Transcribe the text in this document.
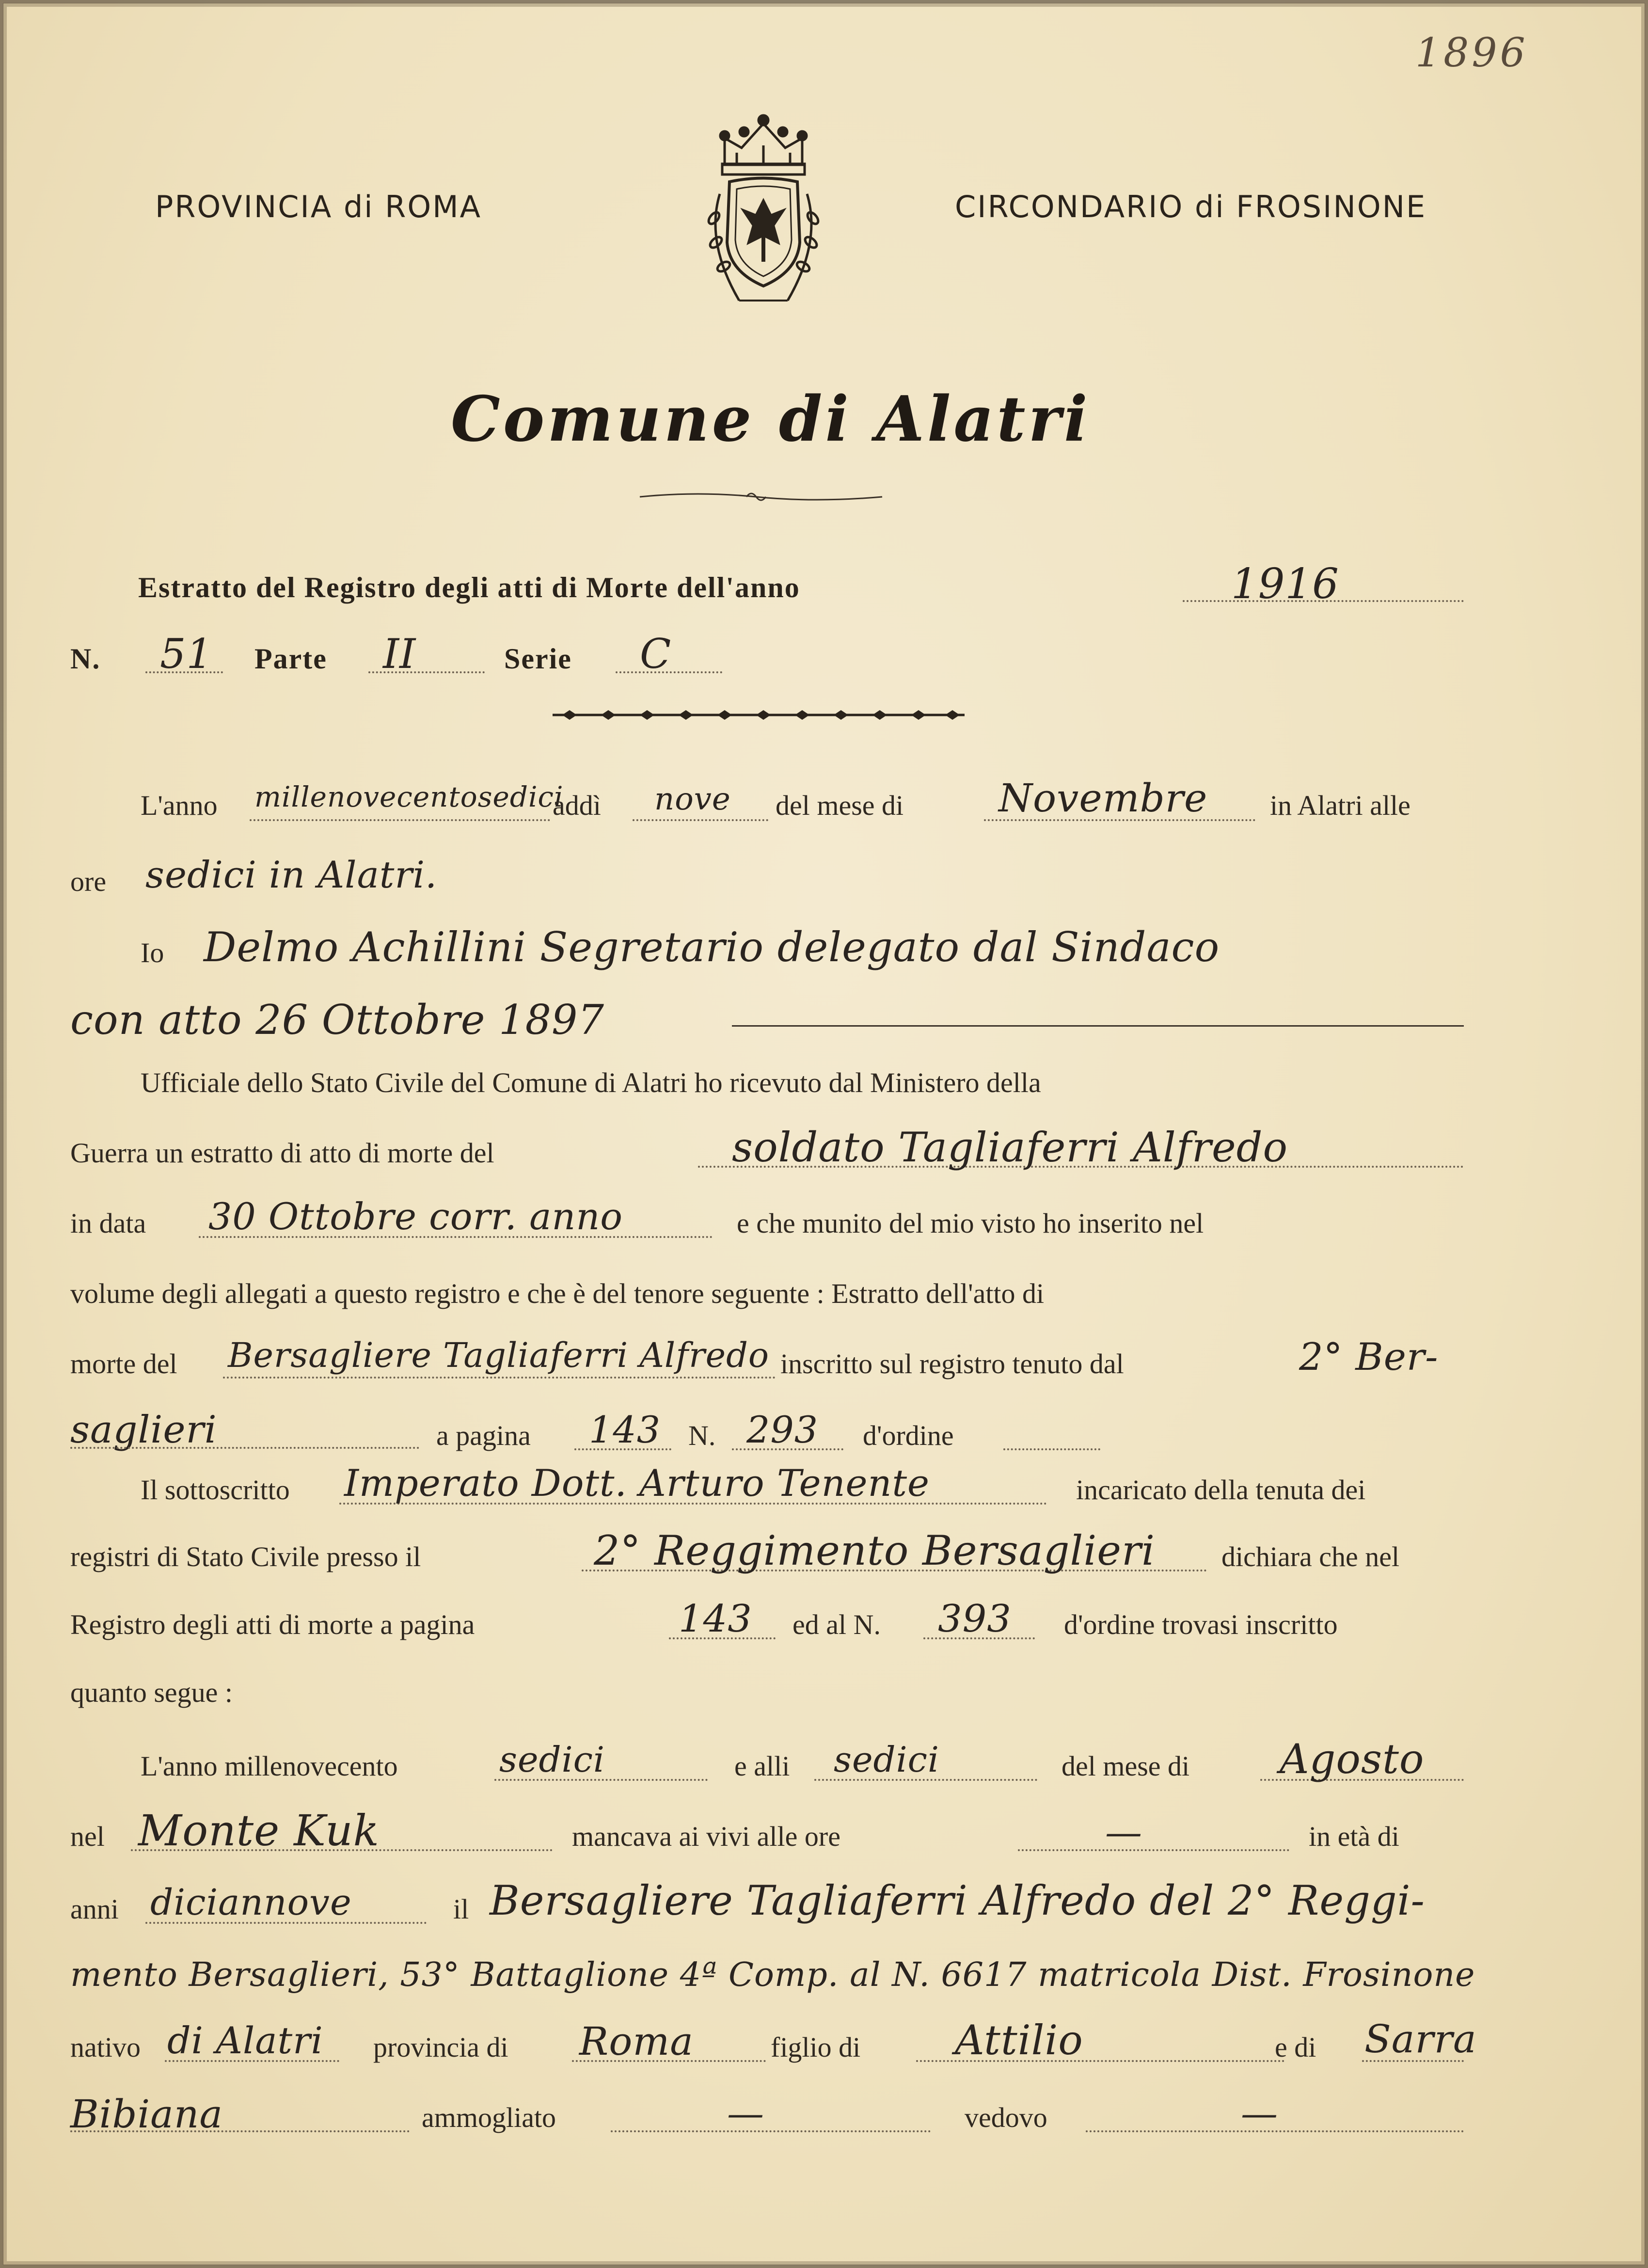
1896
PROVINCIA di ROMA	CIRCONDARIO di FROSINONE
Comune di Alatri
Estratto del Registro degli atti di Morte dell'anno	1916
N. 51 Parte II	Serie C
L'anno millenovecentosedici
addì nove del mese di Novembre in Alatri alle
ore sedici in Alatri.
Io Delmo Achillini Segretario delegato dal Sindaco
con atto 26 Ottobre 1897
Ufficiale dello Stato Civile del Comune di Alatri ho ricevuto dal Ministero della
Guerra un estratto di atto di morte del	soldato Tagliaferri Alfredo
in data 30 Ottobre corr. anno	e che munito del mio visto ho inserito nel
volume degli allegati a questo registro e che è del tenore seguente : Estratto dell'atto di
morte del Bersagliere Tagliaferri Alfredo inscritto sul registro tenuto dal	2° Ber-
saglieri	a pagina 143 N. 293 d'ordine
Il sottoscritto Imperato Dott. Arturo Tenente	incaricato della tenuta dei
registri di Stato Civile presso il	2° Reggimento Bersaglieri dichiara che nel
Registro degli atti di morte a pagina	143 ed al N. 393 d'ordine trovasi inscritto
quanto segue :
L'anno millenovecento	sedici	e alli sedici	del mese di Agosto
nel Monte Kuk	mancava ai vivi alle ore	—	in età di
anni diciannove	il Bersagliere Tagliaferri Alfredo del 2° Reggi-
mento Bersaglieri, 53° Battaglione 4ª Comp. al N. 6617 matricola Dist. Frosinone
nativo di Alatri provincia di Roma	figlio di Attilio	e di Sarra
Bibiana	ammogliato	—	vedovo	—
